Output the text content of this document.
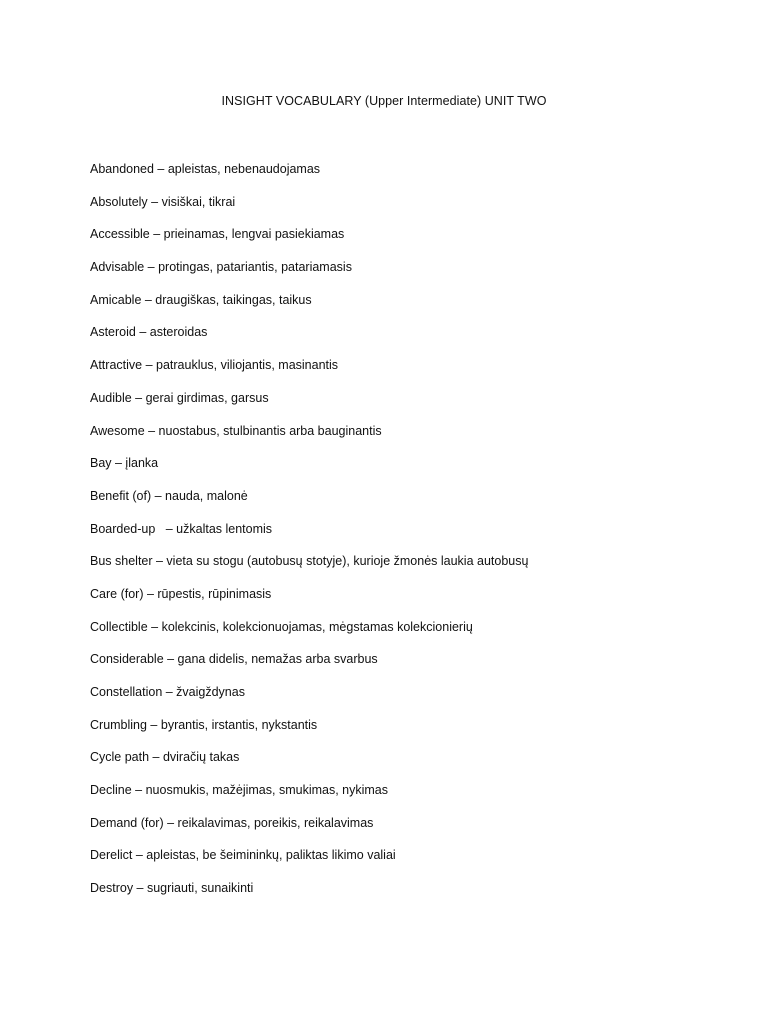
INSIGHT VOCABULARY (Upper Intermediate) UNIT TWO
Abandoned – apleistas, nebenaudojamas
Absolutely – visiškai, tikrai
Accessible – prieinamas, lengvai pasiekiamas
Advisable – protingas, patariantis, patariamasis
Amicable – draugiškas, taikingas, taikus
Asteroid – asteroidas
Attractive – patrauklus, viliojantis, masinantis
Audible – gerai girdimas, garsus
Awesome – nuostabus, stulbinantis arba bauginantis
Bay – įlanka
Benefit (of) – nauda, malonė
Boarded-up   – užkaltas lentomis
Bus shelter – vieta su stogu (autobusų stotyje), kurioje žmonės laukia autobusų
Care (for) – rūpestis, rūpinimasis
Collectible – kolekcinis, kolekcionuojamas, mėgstamas kolekcionierių
Considerable – gana didelis, nemažas arba svarbus
Constellation – žvaigždynas
Crumbling – byrantis, irstantis, nykstantis
Cycle path – dviračių takas
Decline – nuosmukis, mažėjimas, smukimas, nykimas
Demand (for) – reikalavimas, poreikis, reikalavimas
Derelict – apleistas, be šeimininkų, paliktas likimo valiai
Destroy – sugriauti, sunaikinti
